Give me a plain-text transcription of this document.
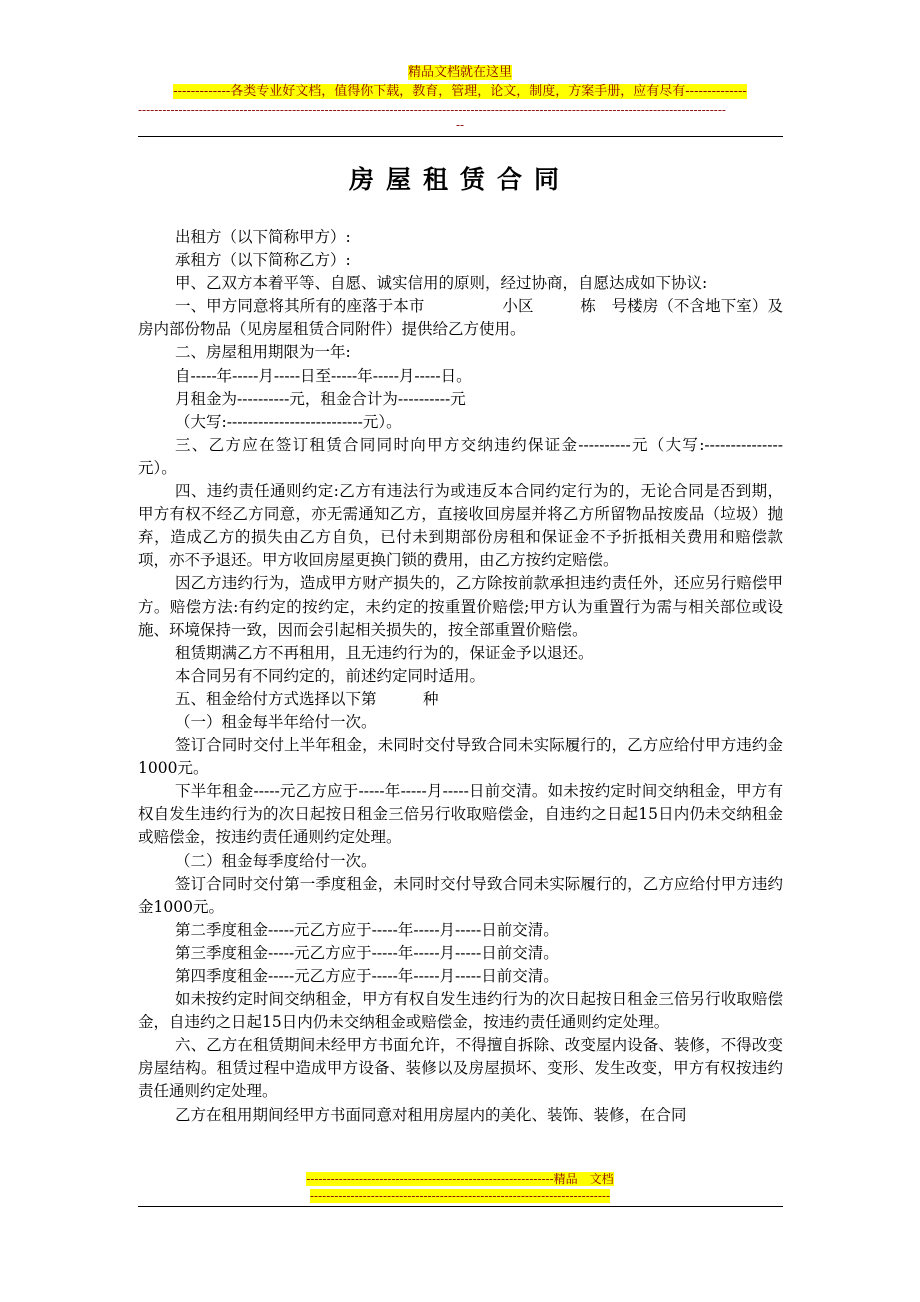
精品文档就在这里
-------------各类专业好文档，值得你下载，教育，管理，论文，制度，方案手册，应有尽有--------------
-------------------------------------------------------------------------------------------------------------------------------------------------
--
房屋租赁合同

出租方（以下简称甲方）:

承租方（以下简称乙方）:

甲、乙双方本着平等、自愿、诚实信用的原则，经过协商，自愿达成如下协议:

一、甲方同意将其所有的座落于本市　　　　　小区　　　栋　号楼房（不含地下室）及房内部份物品（见房屋租赁合同附件）提供给乙方使用。

二、房屋租用期限为一年:

自-----年-----月-----日至-----年-----月-----日。

月租金为----------元，租金合计为----------元

（大写:--------------------------元）。

三、乙方应在签订租赁合同同时向甲方交纳违约保证金----------元（大写:---------------元）。

四、违约责任通则约定:乙方有违法行为或违反本合同约定行为的，无论合同是否到期，甲方有权不经乙方同意，亦无需通知乙方，直接收回房屋并将乙方所留物品按废品（垃圾）抛弃，造成乙方的损失由乙方自负，已付未到期部份房租和保证金不予折抵相关费用和赔偿款项，亦不予退还。甲方收回房屋更换门锁的费用，由乙方按约定赔偿。

因乙方违约行为，造成甲方财产损失的，乙方除按前款承担违约责任外，还应另行赔偿甲方。赔偿方法:有约定的按约定，未约定的按重置价赔偿;甲方认为重置行为需与相关部位或设施、环境保持一致，因而会引起相关损失的，按全部重置价赔偿。

租赁期满乙方不再租用，且无违约行为的，保证金予以退还。

本合同另有不同约定的，前述约定同时适用。

五、租金给付方式选择以下第　　　种

（一）租金每半年给付一次。

签订合同时交付上半年租金，未同时交付导致合同未实际履行的，乙方应给付甲方违约金1000元。

下半年租金-----元乙方应于-----年-----月-----日前交清。如未按约定时间交纳租金，甲方有权自发生违约行为的次日起按日租金三倍另行收取赔偿金，自违约之日起15日内仍未交纳租金或赔偿金，按违约责任通则约定处理。

（二）租金每季度给付一次。

签订合同时交付第一季度租金，未同时交付导致合同未实际履行的，乙方应给付甲方违约金1000元。

第二季度租金-----元乙方应于-----年-----月-----日前交清。

第三季度租金-----元乙方应于-----年-----月-----日前交清。

第四季度租金-----元乙方应于-----年-----月-----日前交清。

如未按约定时间交纳租金，甲方有权自发生违约行为的次日起按日租金三倍另行收取赔偿金，自违约之日起15日内仍未交纳租金或赔偿金，按违约责任通则约定处理。

六、乙方在租赁期间未经甲方书面允许，不得擅自拆除、改变屋内设备、装修，不得改变房屋结构。租赁过程中造成甲方设备、装修以及房屋损坏、变形、发生改变，甲方有权按违约责任通则约定处理。

乙方在租用期间经甲方书面同意对租用房屋内的美化、装饰、装修，在合同

-------------------------------------------------------------精品　文档
--------------------------------------------------------------------------
